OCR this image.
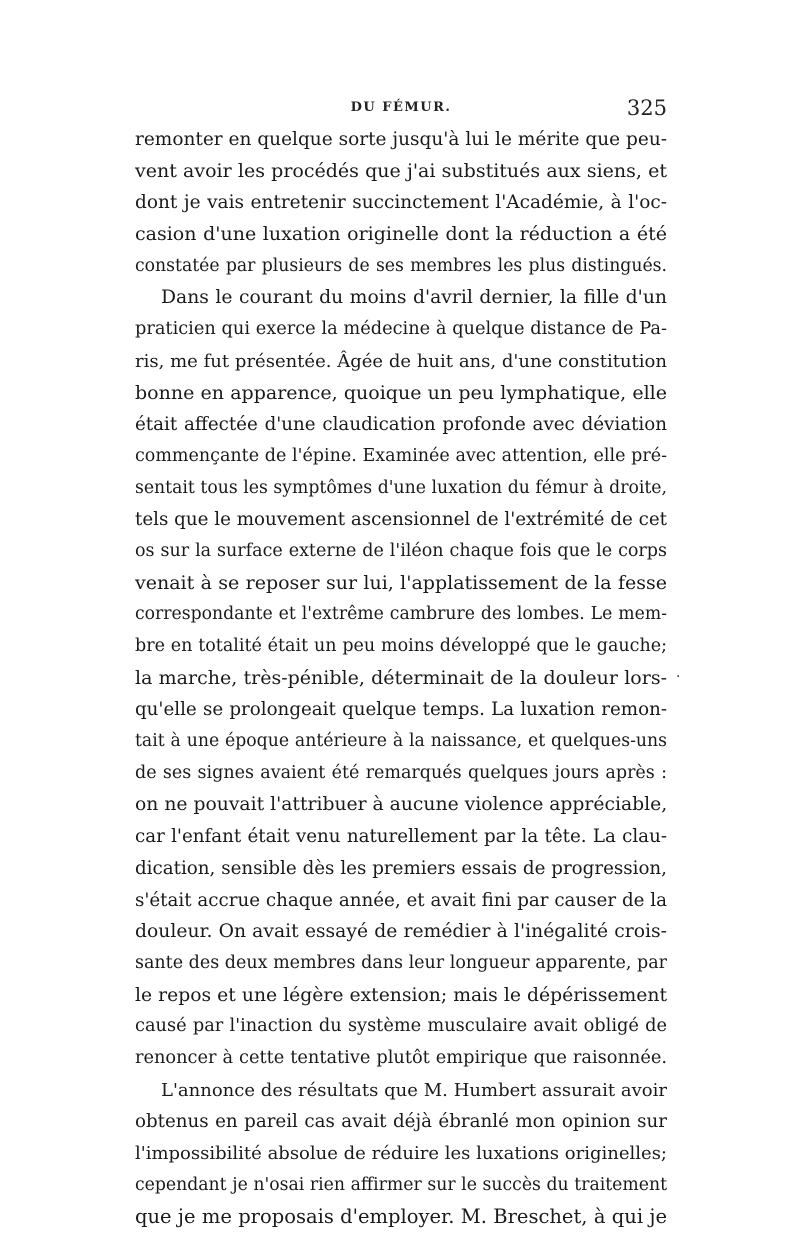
DU FÉMUR.	325
remonter en quelque sorte jusqu'à lui le mérite que peu-
vent avoir les procédés que j'ai substitués aux siens, et
dont je vais entretenir succinctement l'Académie, à l'oc-
casion d'une luxation originelle dont la réduction a été
constatée par plusieurs de ses membres les plus distingués.
Dans le courant du moins d'avril dernier, la fille d'un
praticien qui exerce la médecine à quelque distance de Pa-
ris, me fut présentée. Âgée de huit ans, d'une constitution
bonne en apparence, quoique un peu lymphatique, elle
était affectée d'une claudication profonde avec déviation
commençante de l'épine. Examinée avec attention, elle pré-
sentait tous les symptômes d'une luxation du fémur à droite,
tels que le mouvement ascensionnel de l'extrémité de cet
os sur la surface externe de l'iléon chaque fois que le corps
venait à se reposer sur lui, l'applatissement de la fesse
correspondante et l'extrême cambrure des lombes. Le mem-
bre en totalité était un peu moins développé que le gauche;
la marche, très-pénible, déterminait de la douleur lors-
qu'elle se prolongeait quelque temps. La luxation remon-
tait à une époque antérieure à la naissance, et quelques-uns
de ses signes avaient été remarqués quelques jours après :
on ne pouvait l'attribuer à aucune violence appréciable,
car l'enfant était venu naturellement par la tête. La clau-
dication, sensible dès les premiers essais de progression,
s'était accrue chaque année, et avait fini par causer de la
douleur. On avait essayé de remédier à l'inégalité crois-
sante des deux membres dans leur longueur apparente, par
le repos et une légère extension; mais le dépérissement
causé par l'inaction du système musculaire avait obligé de
renoncer à cette tentative plutôt empirique que raisonnée.
L'annonce des résultats que M. Humbert assurait avoir
obtenus en pareil cas avait déjà ébranlé mon opinion sur
l'impossibilité absolue de réduire les luxations originelles;
cependant je n'osai rien affirmer sur le succès du traitement
que je me proposais d'employer. M. Breschet, à qui je
·
